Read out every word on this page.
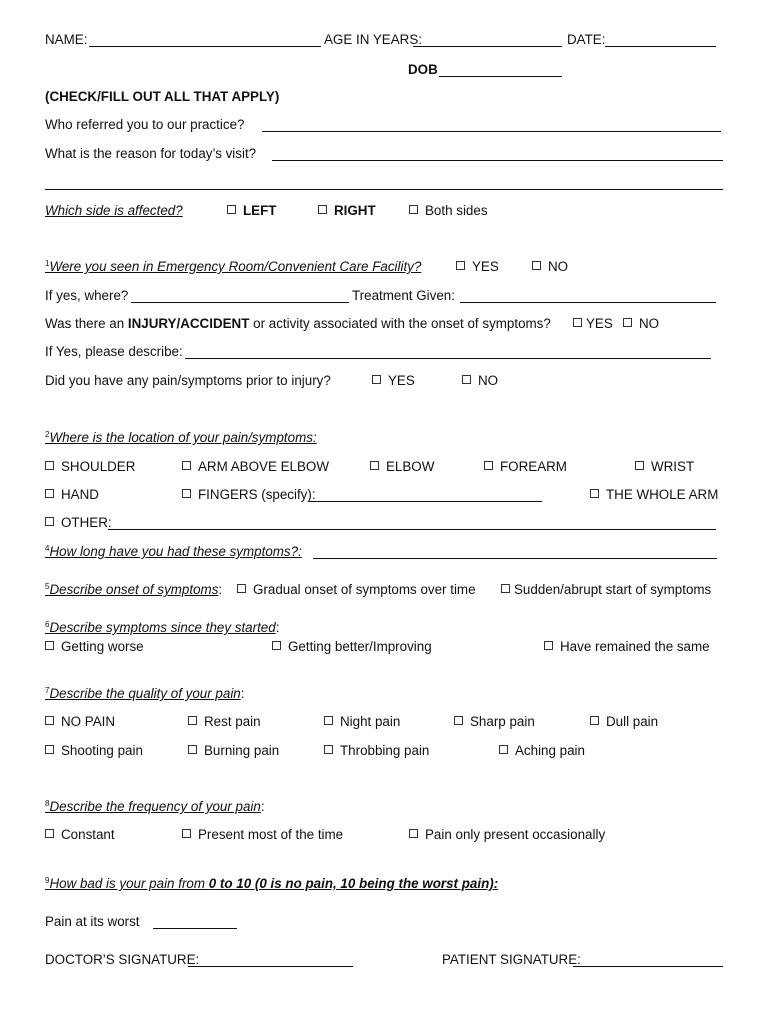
NAME:	AGE IN YEARS:	DATE:
DOB
(CHECK/FILL OUT ALL THAT APPLY)
Who referred you to our practice?
What is the reason for today’s visit?
Which side is affected?	LEFT	RIGHT	Both sides
$^1$Were you seen in Emergency Room/Convenient Care Facility?	YES	NO
If yes, where?	Treatment Given:
Was there an INJURY/ACCIDENT or activity associated with the onset of symptoms?	YES	NO
If Yes, please describe:
Did you have any pain/symptoms prior to injury?	YES	NO
$^2$Where is the location of your pain/symptoms:
SHOULDER	ARM ABOVE ELBOW	ELBOW	FOREARM	WRIST
HAND	FINGERS (specify):	THE WHOLE ARM
OTHER:
$^4$How long have you had these symptoms?:
$^5$Describe onset of symptoms:	Gradual onset of symptoms over time	Sudden/abrupt start of symptoms
$^6$Describe symptoms since they started:
Getting worse	Getting better/Improving	Have remained the same
$^7$Describe the quality of your pain:
NO PAIN	Rest pain	Night pain	Sharp pain	Dull pain
Shooting pain	Burning pain	Throbbing pain	Aching pain
$^8$Describe the frequency of your pain:
Constant	Present most of the time	Pain only present occasionally
$^9$How bad is your pain from 0 to 10 (0 is no pain, 10 being the worst pain):
Pain at its worst
DOCTOR’S SIGNATURE:	PATIENT SIGNATURE:
